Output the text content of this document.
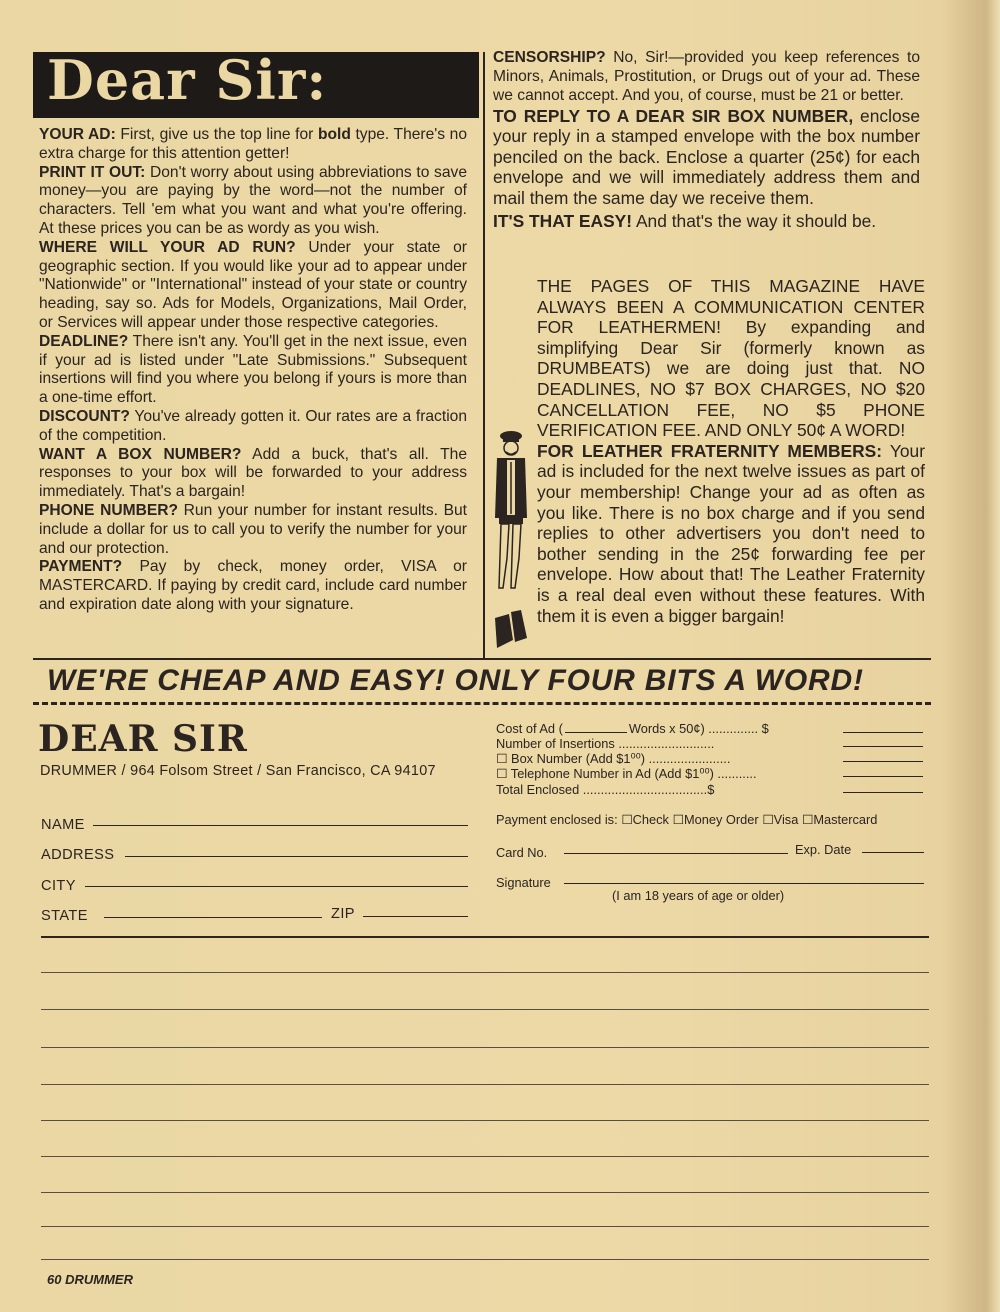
Dear Sir:

YOUR AD: First, give us the top line for bold type. There's no extra charge for this attention getter!

PRINT IT OUT: Don't worry about using abbreviations to save money—you are paying by the word—not the number of characters. Tell 'em what you want and what you're offering. At these prices you can be as wordy as you wish.

WHERE WILL YOUR AD RUN? Under your state or geographic section. If you would like your ad to appear under "Nationwide" or "International" instead of your state or country heading, say so. Ads for Models, Organizations, Mail Order, or Services will appear under those respective categories.

DEADLINE? There isn't any. You'll get in the next issue, even if your ad is listed under "Late Submissions." Subsequent insertions will find you where you belong if yours is more than a one-time effort.

DISCOUNT? You've already gotten it. Our rates are a fraction of the competition.

WANT A BOX NUMBER? Add a buck, that's all. The responses to your box will be forwarded to your address immediately. That's a bargain!

PHONE NUMBER? Run your number for instant results. But include a dollar for us to call you to verify the number for your and our protection.

PAYMENT? Pay by check, money order, VISA or MASTERCARD. If paying by credit card, include card number and expiration date along with your signature.

CENSORSHIP? No, Sir!—provided you keep references to Minors, Animals, Prostitution, or Drugs out of your ad. These we cannot accept. And you, of course, must be 21 or better.

TO REPLY TO A DEAR SIR BOX NUMBER, enclose your reply in a stamped envelope with the box number penciled on the back. Enclose a quarter (25¢) for each envelope and we will immediately address them and mail them the same day we receive them.

IT'S THAT EASY! And that's the way it should be.

THE PAGES OF THIS MAGAZINE HAVE ALWAYS BEEN A COMMUNICATION CENTER FOR LEATHERMEN! By expanding and simplifying Dear Sir (formerly known as DRUMBEATS) we are doing just that. NO DEADLINES, NO $7 BOX CHARGES, NO $20 CANCELLATION FEE, NO $5 PHONE VERIFICATION FEE. AND ONLY 50¢ A WORD!

FOR LEATHER FRATERNITY MEMBERS: Your ad is included for the next twelve issues as part of your membership! Change your ad as often as you like. There is no box charge and if you send replies to other advertisers you don't need to bother sending in the 25¢ forwarding fee per envelope. How about that! The Leather Fraternity is a real deal even without these features. With them it is even a bigger bargain!

WE'RE CHEAP AND EASY! ONLY FOUR BITS A WORD!
DEAR SIR
DRUMMER / 964 Folsom Street / San Francisco, CA 94107
NAME
ADDRESS
CITY
STATE	ZIP
Cost of Ad (	Words x 50¢) .............. $
Number of Insertions ...........................
☐ Box Number (Add $1⁰⁰) .......................
☐ Telephone Number in Ad (Add $1⁰⁰) ...........
Total Enclosed ...................................$
Payment enclosed is: ☐Check ☐Money Order ☐Visa ☐Mastercard
Card No.	Exp. Date
Signature
(I am 18 years of age or older)
60 DRUMMER
